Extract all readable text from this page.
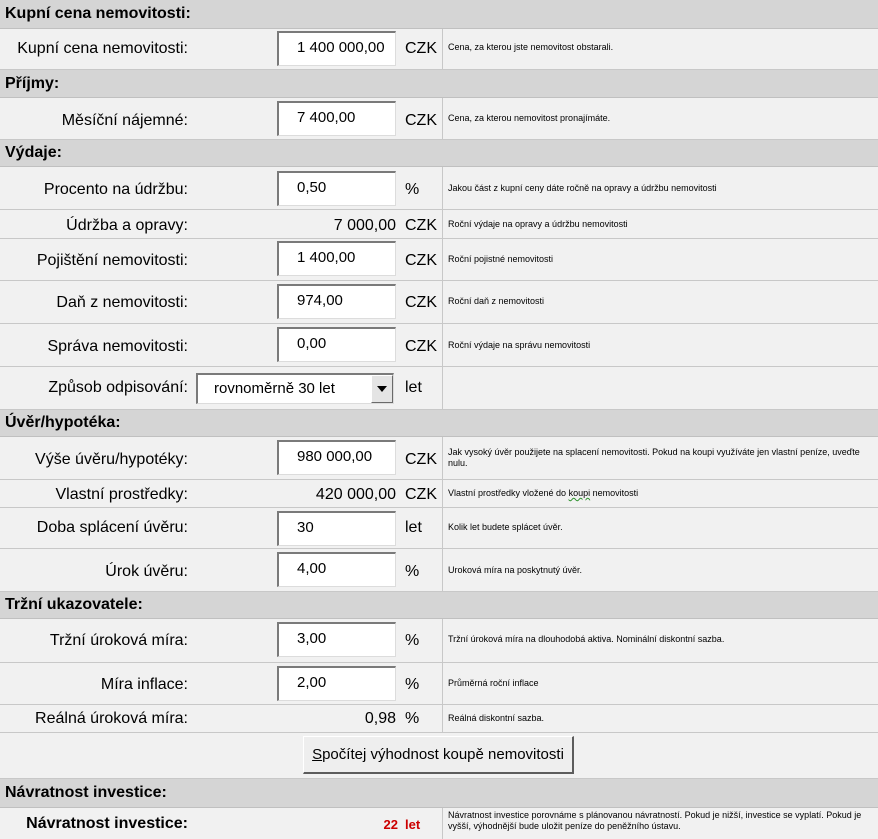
Kupní cena nemovitosti:
Kupní cena nemovitosti:	1 400 000,00	CZK Cena, za kterou jste nemovitost obstarali.
Příjmy:
Měsíční nájemné:	7 400,00	CZK Cena, za kterou nemovitost pronajímáte.
Výdaje:
Procento na údržbu:	0,50	%	Jakou část z kupní ceny dáte ročně na opravy a údržbu nemovitosti
Údržba a opravy:	7 000,00 CZK Roční výdaje na opravy a údržbu nemovitosti
Pojištění nemovitosti:	1 400,00	CZK Roční pojistné nemovitosti
Daň z nemovitosti:	974,00	CZK Roční daň z nemovitosti
Správa nemovitosti:	0,00	CZK Roční výdaje na správu nemovitosti
Způsob odpisování: rovnoměrně 30 let	let
Úvěr/hypotéka:
Výše úvěru/hypotéky:	980 000,00	CZK Jak vysoký úvěr použijete na splacení nemovitosti. Pokud na koupi využíváte jen vlastní peníze, uveďte nulu.
Vlastní prostředky:	420 000,00 CZK Vlastní prostředky vložené do koupi nemovitosti
Doba splácení úvěru:	30	let	Kolik let budete splácet úvěr.
Úrok úvěru:	4,00	%	Uroková míra na poskytnutý úvěr.
Tržní ukazovatele:
Tržní úroková míra:	3,00	%	Tržní úroková míra na dlouhodobá aktiva. Nominální diskontní sazba.
Míra inflace:	2,00	%	Průměrná roční inflace
Reálná úroková míra:	0,98 %	Reálná diskontní sazba.
S počítej výhodnost koupě nemovitosti
Návratnost investice:
Návratnost investice:	22 let
Návratnost investice porovnáme s plánovanou návratností. Pokud je nižší, investice se vyplatí. Pokud je vyšší, výhodnější bude uložit peníze do peněžního ústavu.
